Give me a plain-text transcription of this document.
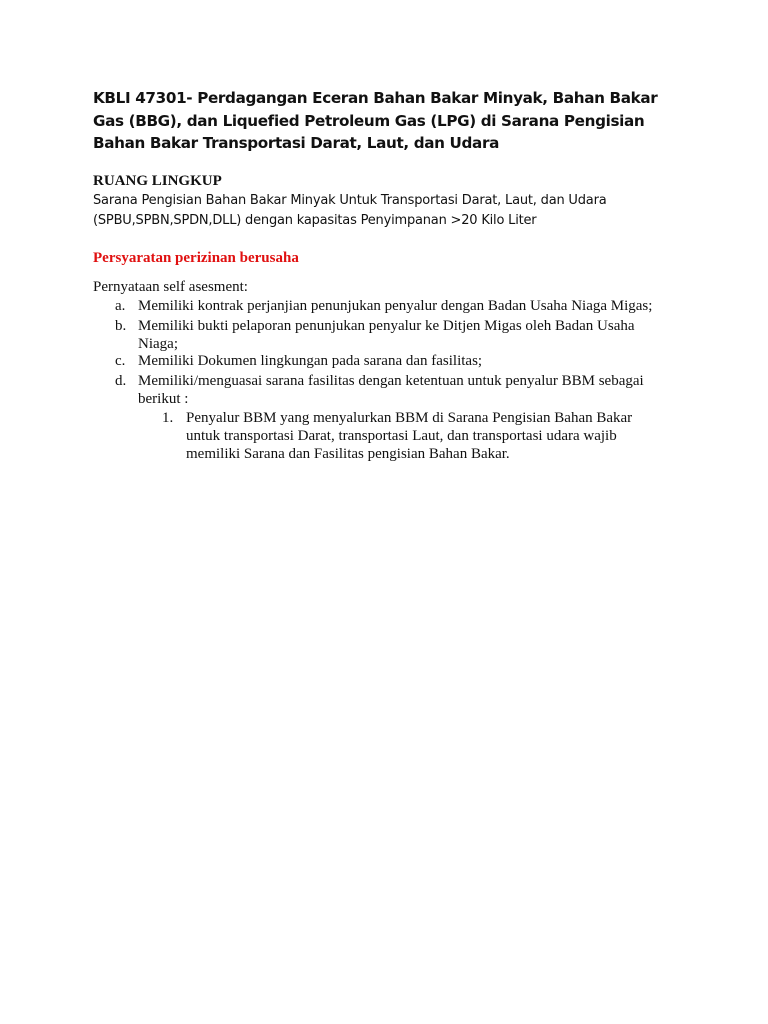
KBLI 47301- Perdagangan Eceran Bahan Bakar Minyak, Bahan Bakar Gas (BBG), dan Liquefied Petroleum Gas (LPG) di Sarana Pengisian Bahan Bakar Transportasi Darat, Laut, dan Udara
RUANG LINGKUP

Sarana Pengisian Bahan Bakar Minyak Untuk Transportasi Darat, Laut, dan Udara (SPBU,SPBN,SPDN,DLL) dengan kapasitas Penyimpanan >20 Kilo Liter

Persyaratan perizinan berusaha

Pernyataan self asesment:

a. Memiliki kontrak perjanjian penunjukan penyalur dengan Badan Usaha Niaga Migas;
b. Memiliki bukti pelaporan penunjukan penyalur ke Ditjen Migas oleh Badan Usaha Niaga;
c. Memiliki Dokumen lingkungan pada sarana dan fasilitas;
d. Memiliki/menguasai sarana fasilitas dengan ketentuan untuk penyalur BBM sebagai berikut :
1. Penyalur BBM yang menyalurkan BBM di Sarana Pengisian Bahan Bakar untuk transportasi Darat, transportasi Laut, dan transportasi udara wajib memiliki Sarana dan Fasilitas pengisian Bahan Bakar.
